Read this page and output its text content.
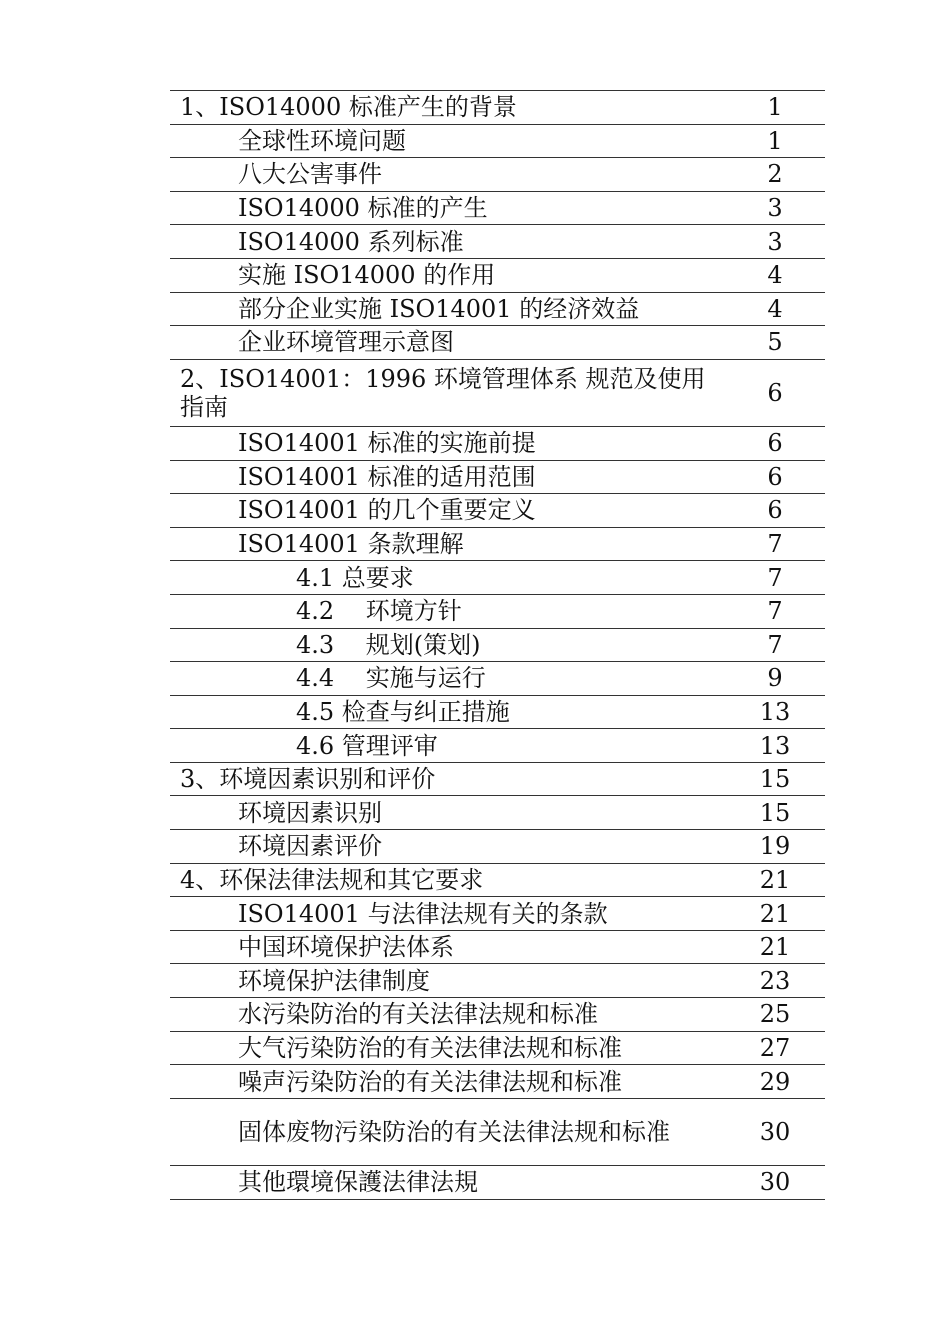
1、ISO14000 标准产生的背景	1
全球性环境问题	1
八大公害事件	2
ISO14000 标准的产生	3
ISO14000 系列标准	3
实施 ISO14000 的作用	4
部分企业实施 ISO14001 的经济效益	4
企业环境管理示意图	5
2、ISO14001：1996 环境管理体系 规范及使用指南	6
ISO14001 标准的实施前提	6
ISO14001 标准的适用范围	6
ISO14001 的几个重要定义	6
ISO14001 条款理解	7
4.1 总要求	7
4.2　 环境方针	7
4.3　 规划(策划)	7
4.4　 实施与运行	9
4.5 检查与纠正措施	13
4.6 管理评审	13
3、环境因素识别和评价	15
环境因素识别	15
环境因素评价	19
4、环保法律法规和其它要求	21
ISO14001 与法律法规有关的条款	21
中国环境保护法体系	21
环境保护法律制度	23
水污染防治的有关法律法规和标准	25
大气污染防治的有关法律法规和标准	27
噪声污染防治的有关法律法规和标准	29
固体废物污染防治的有关法律法规和标准	30
其他環境保護法律法規	30
